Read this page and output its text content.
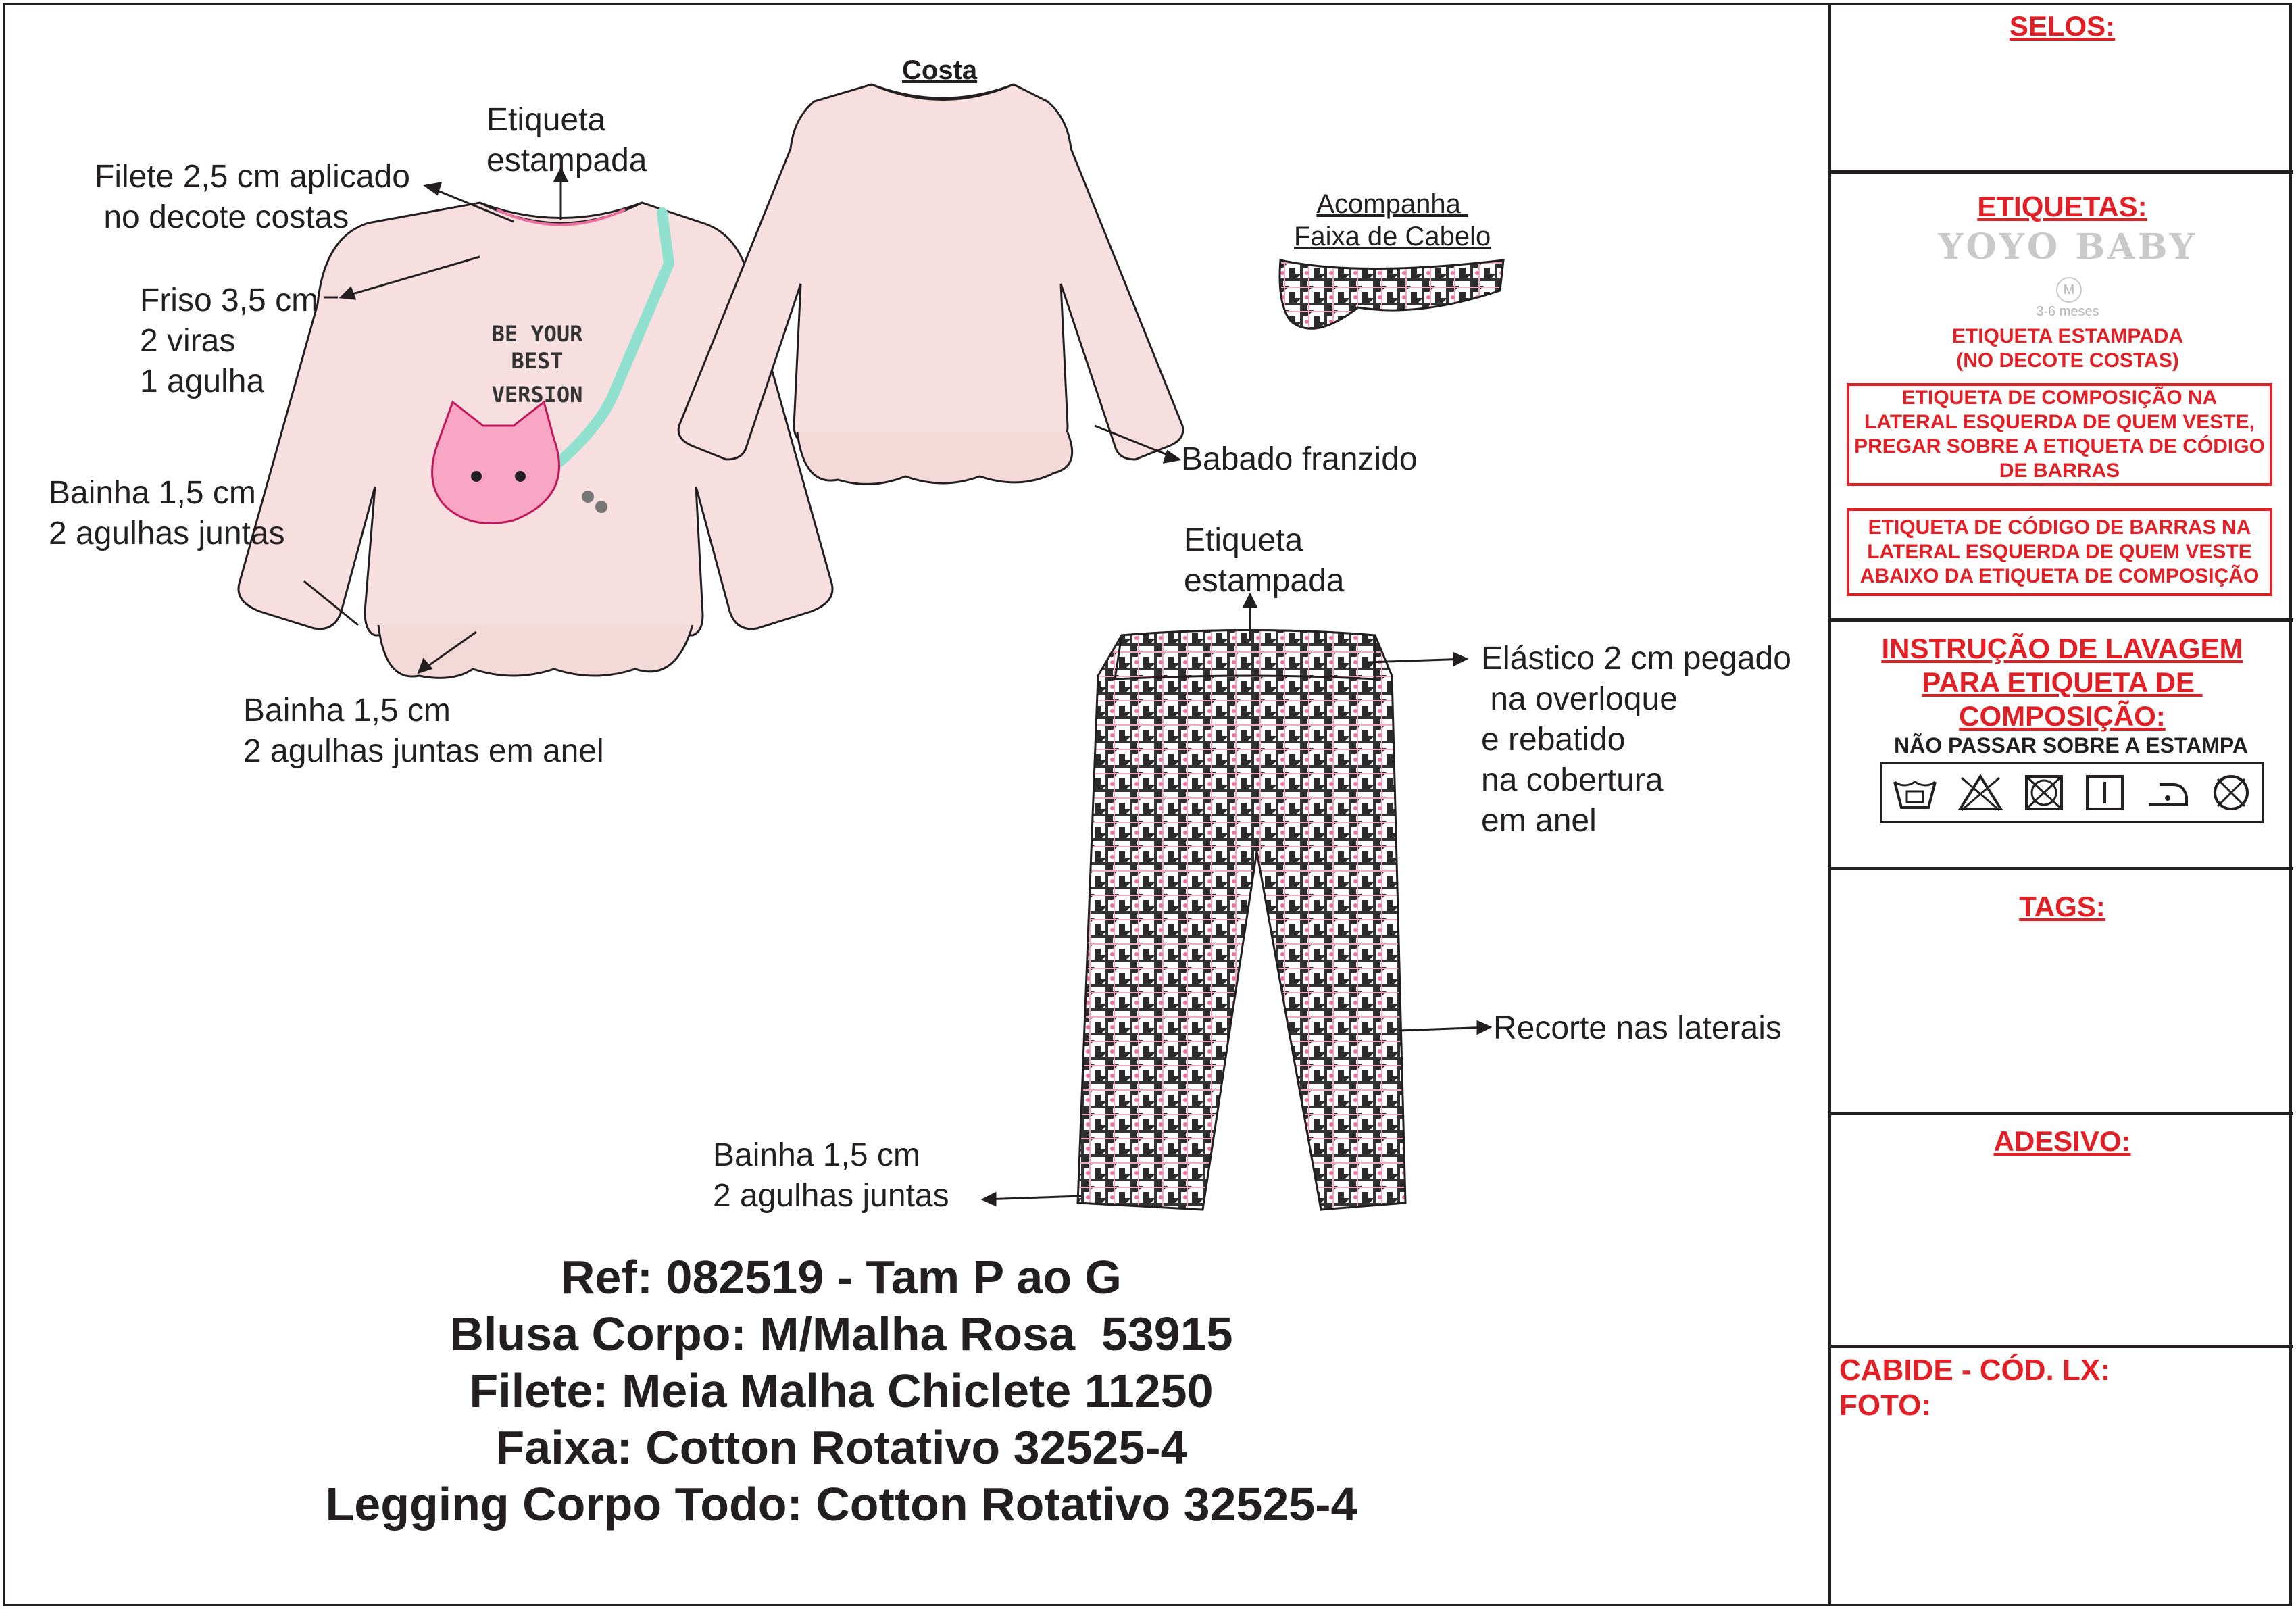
BE YOUR
BEST
VERSION
Etiqueta
estampada
Filete 2,5 cm aplicado
no decote costas
Friso 3,5 cm
2 viras
1 agulha
Bainha 1,5 cm
2 agulhas juntas
Bainha 1,5 cm
2 agulhas juntas em anel
Costa
Babado franzido
Acompanha
Faixa de Cabelo
Etiqueta
estampada
Elástico 2 cm pegado
na overloque
e rebatido
na cobertura
em anel
Recorte nas laterais
Bainha 1,5 cm
2 agulhas juntas
Ref: 082519 - Tam P ao G
Blusa Corpo: M/Malha Rosa  53915
Filete: Meia Malha Chiclete 11250
Faixa: Cotton Rotativo 32525-4
Legging Corpo Todo: Cotton Rotativo 32525-4
SELOS:
ETIQUETAS:
YOYO BABY
M
3-6 meses
ETIQUETA ESTAMPADA
(NO DECOTE COSTAS)
ETIQUETA DE COMPOSIÇÃO NA LATERAL ESQUERDA DE QUEM VESTE, PREGAR SOBRE A ETIQUETA DE CÓDIGO DE BARRAS
ETIQUETA DE CÓDIGO DE BARRAS NA LATERAL ESQUERDA DE QUEM VESTE ABAIXO DA ETIQUETA DE COMPOSIÇÃO
INSTRUÇÃO DE LAVAGEM
PARA ETIQUETA DE
COMPOSIÇÃO:
NÃO PASSAR SOBRE A ESTAMPA
TAGS:
ADESIVO:
CABIDE - CÓD. LX:
FOTO:
